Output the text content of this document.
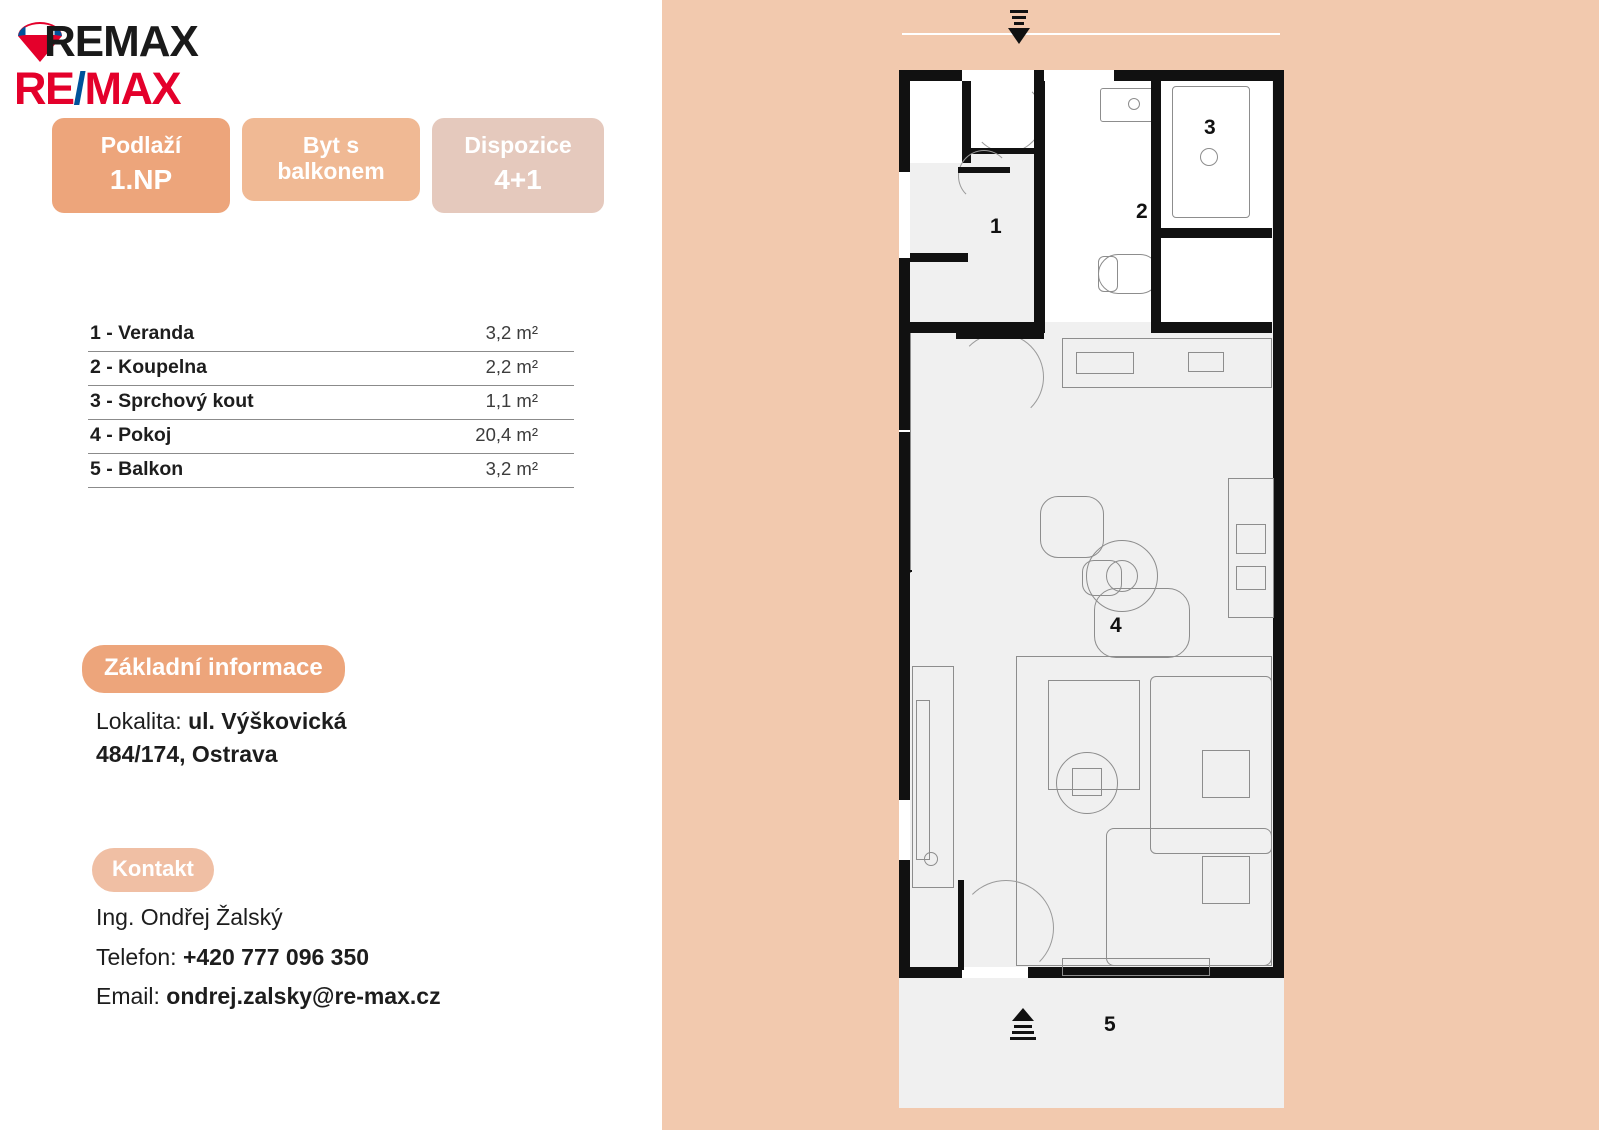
REMAX
RE/MAX
Podlaží
1.NP
Byt s balkonem
Dispozice
4+1
1 - Veranda	3,2 m²
2 - Koupelna	2,2 m²
3 - Sprchový kout	1,1 m²
4 - Pokoj	20,4 m²
5 - Balkon	3,2 m²
Základní informace
Lokalita: ul. Výškovická
484/174, Ostrava
Kontakt
Ing. Ondřej Žalský
Telefon: +420 777 096 350
Email: ondrej.zalsky@re-max.cz
1
2
3
4
5
